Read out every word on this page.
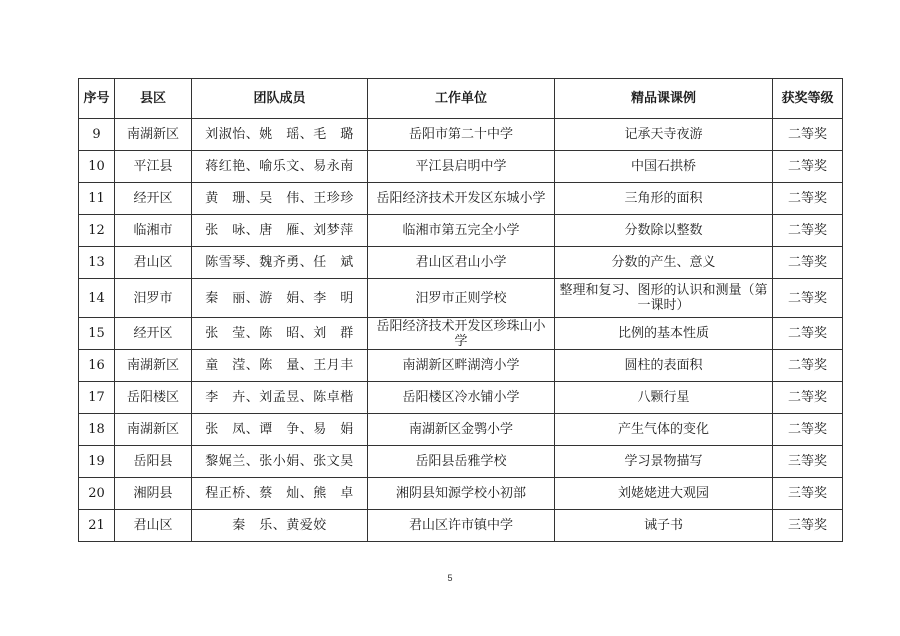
序号	县区	团队成员	工作单位	精品课课例	获奖等级
9	南湖新区	刘淑怡、姚　瑶、毛　璐	岳阳市第二十中学	记承天寺夜游	二等奖
10	平江县	蒋红艳、喻乐文、易永南	平江县启明中学	中国石拱桥	二等奖
11	经开区	黄　珊、吴　伟、王珍珍	岳阳经济技术开发区东城小学	三角形的面积	二等奖
12	临湘市	张　咏、唐　雁、刘梦萍	临湘市第五完全小学	分数除以整数	二等奖
13	君山区	陈雪琴、魏齐勇、任　斌	君山区君山小学	分数的产生、意义	二等奖
14	汨罗市	秦　丽、游　娟、李　明	汨罗市正则学校	整理和复习、图形的认识和测量（第一课时）	二等奖
15	经开区	张　莹、陈　昭、刘　群	岳阳经济技术开发区珍珠山小学	比例的基本性质	二等奖
16	南湖新区	童　滢、陈　量、王月丰	南湖新区畔湖湾小学	圆柱的表面积	二等奖
17	岳阳楼区	李　卉、刘孟昱、陈卓楷	岳阳楼区冷水铺小学	八颗行星	二等奖
18	南湖新区	张　凤、谭　争、易　娟	南湖新区金鹗小学	产生气体的变化	二等奖
19	岳阳县	黎娓兰、张小娟、张文昊	岳阳县岳雅学校	学习景物描写	三等奖
20	湘阴县	程正桥、蔡　灿、熊　卓	湘阴县知源学校小初部	刘姥姥进大观园	三等奖
21	君山区	秦　乐、黄爱姣	君山区许市镇中学	诫子书	三等奖
5
